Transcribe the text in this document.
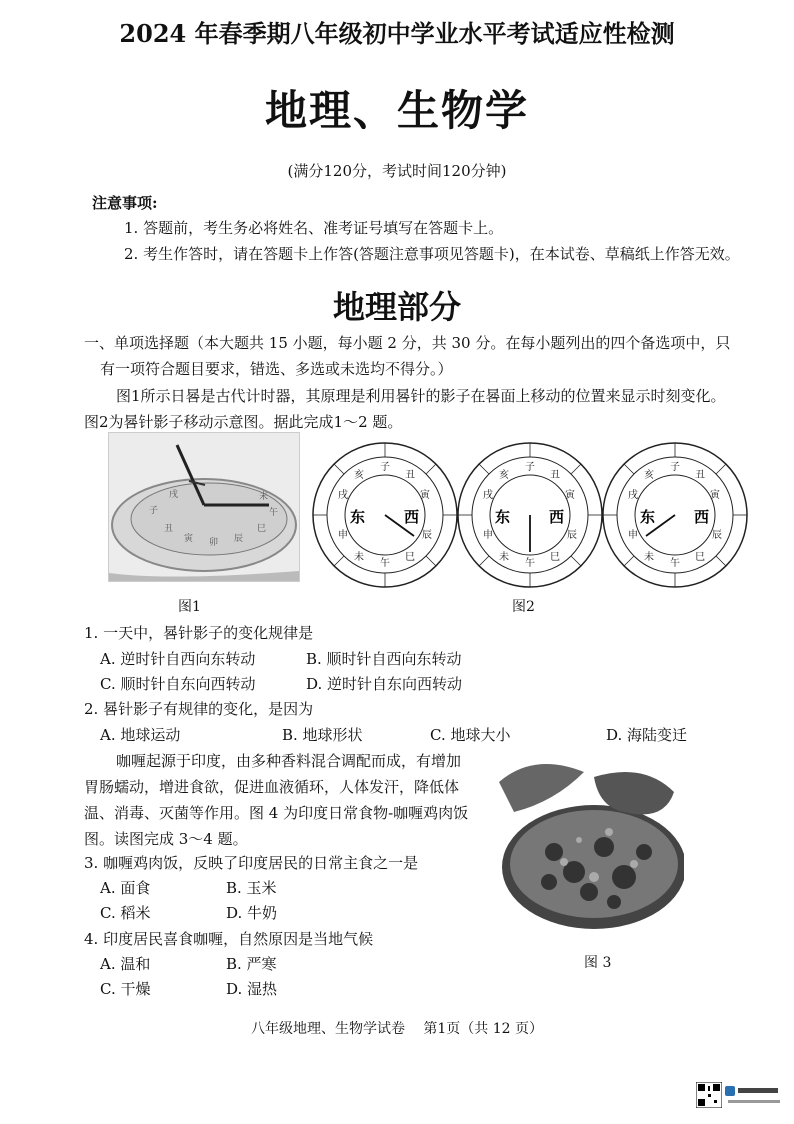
2024 年春季期八年级初中学业水平考试适应性检测
地理、生物学
(满分120分，考试时间120分钟)
注意事项:
1. 答题前，考生务必将姓名、准考证号填写在答题卡上。
2. 考生作答时，请在答题卡上作答(答题注意事项见答题卡)，在本试卷、草稿纸上作答无效。
地理部分
一、单项选择题（本大题共 15 小题，每小题 2 分，共 30 分。在每小题列出的四个备选项中，只
有一项符合题目要求，错选、多选或未选均不得分。）
图1所示日晷是古代计时器，其原理是利用晷针的影子在晷面上移动的位置来显示时刻变化。
图2为晷针影子移动示意图。据此完成1～2 题。
子
丑
寅 卯 辰
巳
午
未
戌
子
丑
寅
辰
巳
午
未
申
戌
亥
东	西
子
丑
寅
辰
巳
午
未
申
戌
亥
东	西
子
丑
寅
辰
巳
午
未
申
戌
亥
东	西
图1	图2
1. 一天中，晷针影子的变化规律是
A. 逆时针自西向东转动	B. 顺时针自西向东转动
C. 顺时针自东向西转动	D. 逆时针自东向西转动
2. 晷针影子有规律的变化，是因为
A. 地球运动	B. 地球形状	C. 地球大小	D. 海陆变迁
咖喱起源于印度，由多种香料混合调配而成，有增加
胃肠蠕动，增进食欲，促进血液循环，人体发汗，降低体
温、消毒、灭菌等作用。图 4 为印度日常食物-咖喱鸡肉饭
图。读图完成 3～4 题。
图 3
3. 咖喱鸡肉饭，反映了印度居民的日常主食之一是
A. 面食	B. 玉米
C. 稻米	D. 牛奶
4. 印度居民喜食咖喱，自然原因是当地气候
A. 温和	B. 严寒
C. 干燥	D. 湿热
八年级地理、生物学试卷　 第1页（共 12 页）
